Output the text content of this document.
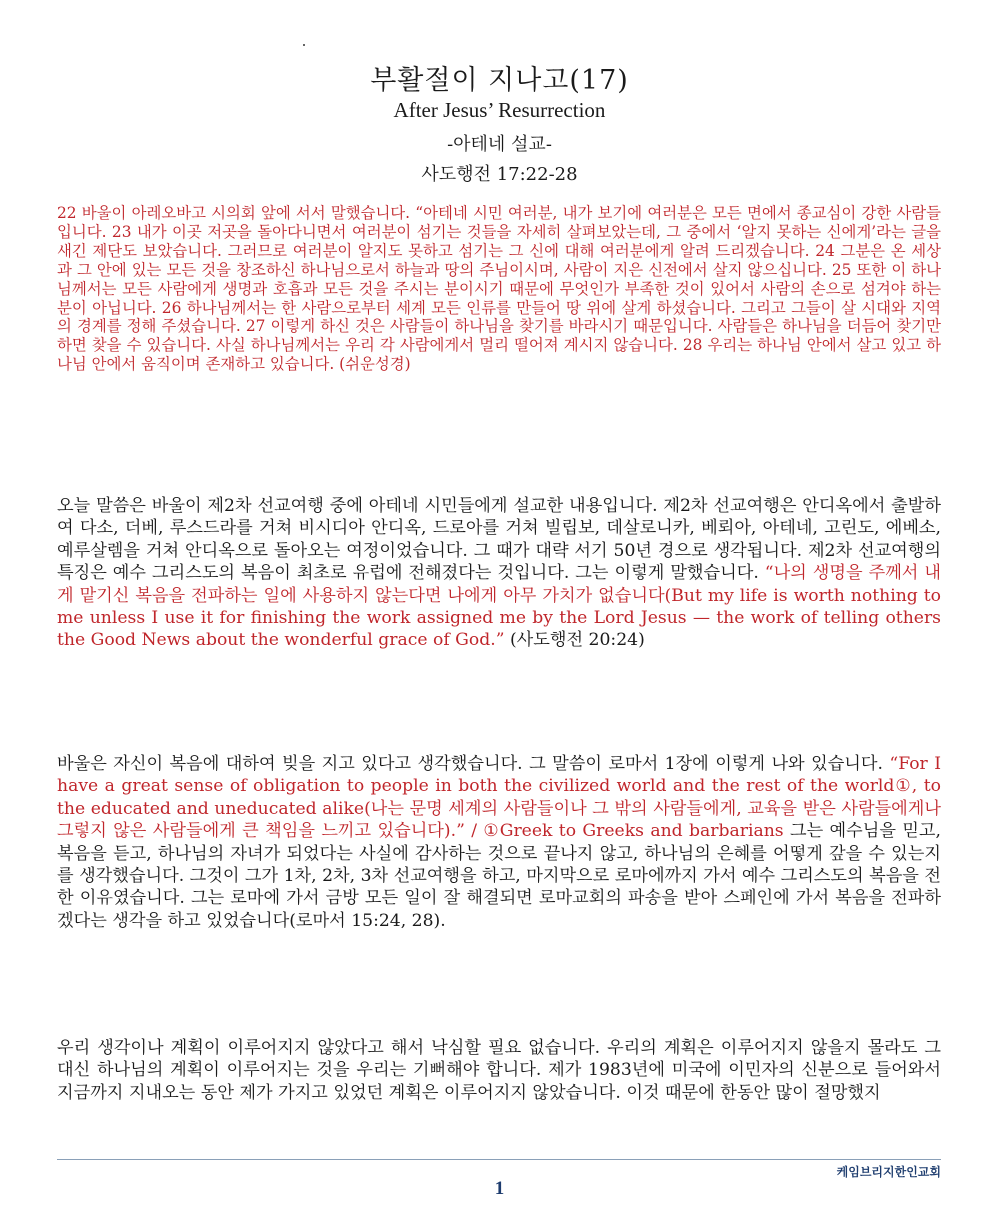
부활절이 지나고(17)
After Jesus’ Resurrection
-아테네 설교-
사도행전 17:22-28
22 바울이 아레오바고 시의회 앞에 서서 말했습니다. “아테네 시민 여러분, 내가 보기에 여러분은 모든 면에서 종교심이 강한 사람들입니다. 23 내가 이곳 저곳을 돌아다니면서 여러분이 섬기는 것들을 자세히 살펴보았는데, 그 중에서 ‘알지 못하는 신에게’라는 글을 새긴 제단도 보았습니다. 그러므로 여러분이 알지도 못하고 섬기는 그 신에 대해 여러분에게 알려 드리겠습니다. 24 그분은 온 세상과 그 안에 있는 모든 것을 창조하신 하나님으로서 하늘과 땅의 주님이시며, 사람이 지은 신전에서 살지 않으십니다. 25 또한 이 하나님께서는 모든 사람에게 생명과 호흡과 모든 것을 주시는 분이시기 때문에 무엇인가 부족한 것이 있어서 사람의 손으로 섬겨야 하는 분이 아닙니다. 26 하나님께서는 한 사람으로부터 세계 모든 인류를 만들어 땅 위에 살게 하셨습니다. 그리고 그들이 살 시대와 지역의 경계를 정해 주셨습니다. 27 이렇게 하신 것은 사람들이 하나님을 찾기를 바라시기 때문입니다. 사람들은 하나님을 더듬어 찾기만 하면 찾을 수 있습니다. 사실 하나님께서는 우리 각 사람에게서 멀리 떨어져 계시지 않습니다. 28 우리는 하나님 안에서 살고 있고 하나님 안에서 움직이며 존재하고 있습니다. (쉬운성경)
오늘 말씀은 바울이 제2차 선교여행 중에 아테네 시민들에게 설교한 내용입니다. 제2차 선교여행은 안디옥에서 출발하여 다소, 더베, 루스드라를 거쳐 비시디아 안디옥, 드로아를 거쳐 빌립보, 데살로니카, 베뢰아, 아테네, 고린도, 에베소, 예루살렘을 거쳐 안디옥으로 돌아오는 여정이었습니다. 그 때가 대략 서기 50년 경으로 생각됩니다. 제2차 선교여행의 특징은 예수 그리스도의 복음이 최초로 유럽에 전해졌다는 것입니다. 그는 이렇게 말했습니다. “나의 생명을 주께서 내게 맡기신 복음을 전파하는 일에 사용하지 않는다면 나에게 아무 가치가 없습니다(But my life is worth nothing to me unless I use it for finishing the work assigned me by the Lord Jesus — the work of telling others the Good News about the wonderful grace of God.” (사도행전 20:24)
바울은 자신이 복음에 대하여 빚을 지고 있다고 생각했습니다. 그 말씀이 로마서 1장에 이렇게 나와 있습니다. “For I have a great sense of obligation to people in both the civilized world and the rest of the world①, to the educated and uneducated alike(나는 문명 세계의 사람들이나 그 밖의 사람들에게, 교육을 받은 사람들에게나 그렇지 않은 사람들에게 큰 책임을 느끼고 있습니다).” / ①Greek to Greeks and barbarians 그는 예수님을 믿고, 복음을 듣고, 하나님의 자녀가 되었다는 사실에 감사하는 것으로 끝나지 않고, 하나님의 은혜를 어떻게 갚을 수 있는지를 생각했습니다. 그것이 그가 1차, 2차, 3차 선교여행을 하고, 마지막으로 로마에까지 가서 예수 그리스도의 복음을 전한 이유였습니다. 그는 로마에 가서 금방 모든 일이 잘 해결되면 로마교회의 파송을 받아 스페인에 가서 복음을 전파하겠다는 생각을 하고 있었습니다(로마서 15:24, 28).
우리 생각이나 계획이 이루어지지 않았다고 해서 낙심할 필요 없습니다. 우리의 계획은 이루어지지 않을지 몰라도 그 대신 하나님의 계획이 이루어지는 것을 우리는 기뻐해야 합니다. 제가 1983년에 미국에 이민자의 신분으로 들어와서 지금까지 지내오는 동안 제가 가지고 있었던 계획은 이루어지지 않았습니다. 이것 때문에 한동안 많이 절망했지
케임브리지한인교회
1
